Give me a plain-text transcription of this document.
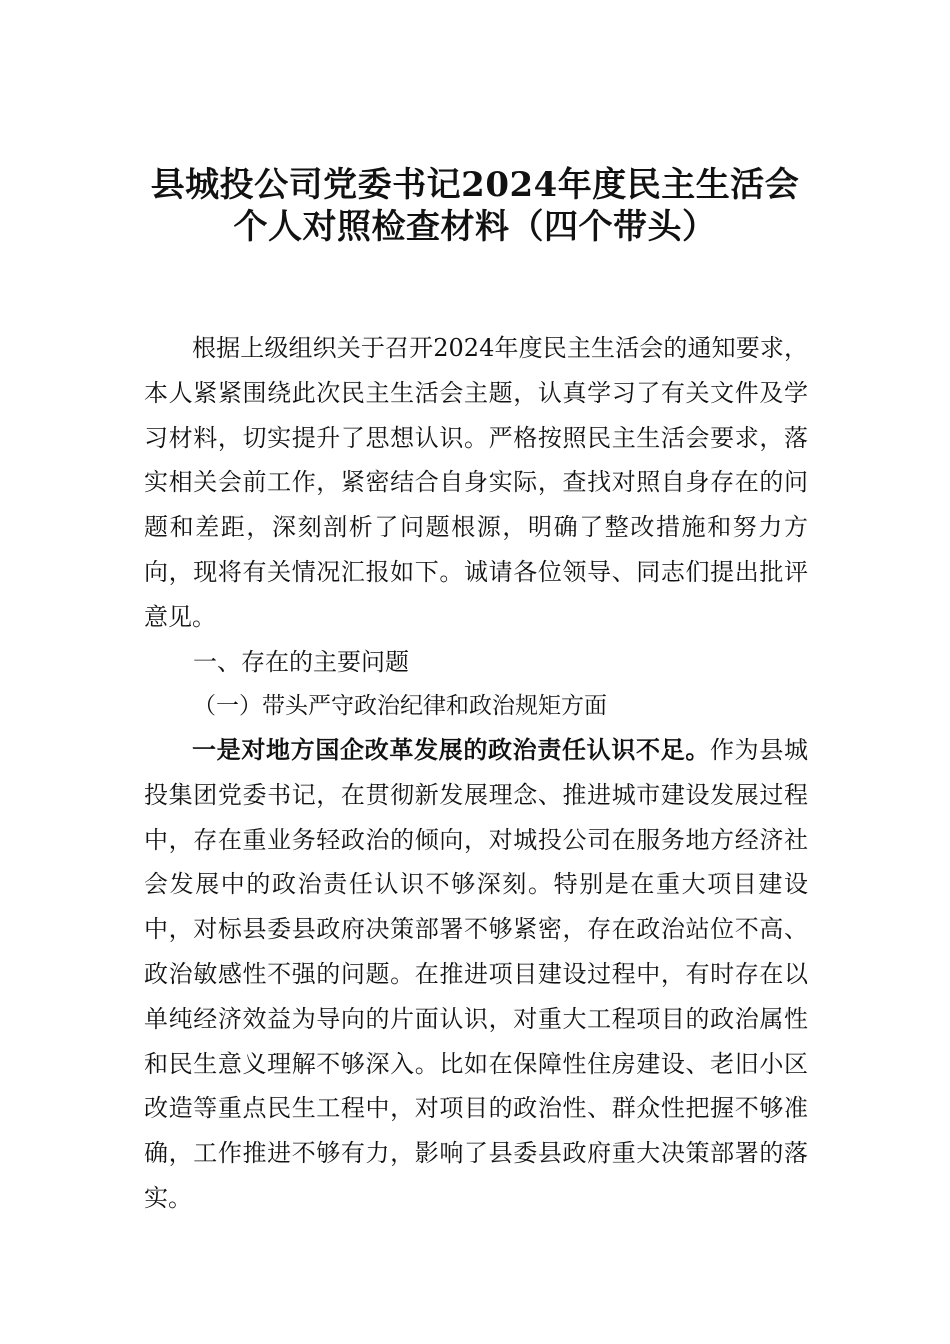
县城投公司党委书记2024年度民主生活会
个人对照检查材料（四个带头）
根据上级组织关于召开2024年度民主生活会的通知要求，本人紧紧围绕此次民主生活会主题，认真学习了有关文件及学习材料，切实提升了思想认识。严格按照民主生活会要求，落实相关会前工作，紧密结合自身实际，查找对照自身存在的问题和差距，深刻剖析了问题根源，明确了整改措施和努力方向，现将有关情况汇报如下。诚请各位领导、同志们提出批评意见。
一、存在的主要问题
（一）带头严守政治纪律和政治规矩方面
一是对地方国企改革发展的政治责任认识不足。作为县城投集团党委书记，在贯彻新发展理念、推进城市建设发展过程中，存在重业务轻政治的倾向，对城投公司在服务地方经济社会发展中的政治责任认识不够深刻。特别是在重大项目建设中，对标县委县政府决策部署不够紧密，存在政治站位不高、政治敏感性不强的问题。在推进项目建设过程中，有时存在以单纯经济效益为导向的片面认识，对重大工程项目的政治属性和民生意义理解不够深入。比如在保障性住房建设、老旧小区改造等重点民生工程中，对项目的政治性、群众性把握不够准确，工作推进不够有力，影响了县委县政府重大决策部署的落实。
